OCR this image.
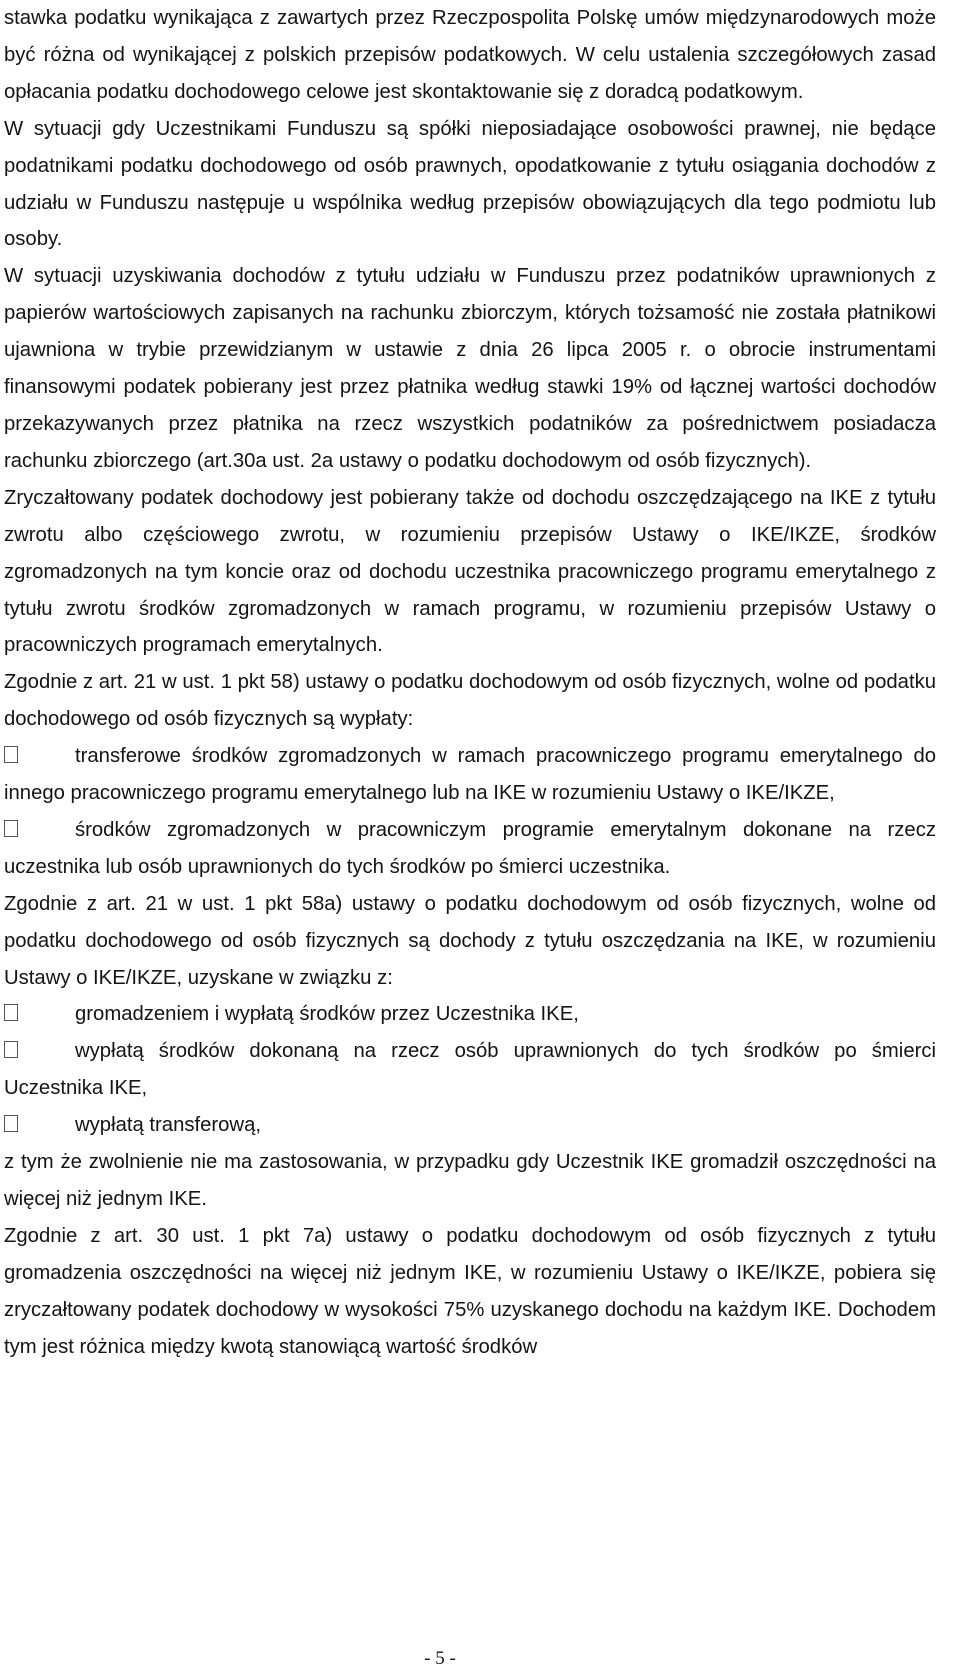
stawka podatku wynikająca z zawartych przez Rzeczpospolita Polskę umów międzynarodowych może być różna od wynikającej z polskich przepisów podatkowych. W celu ustalenia szczegółowych zasad opłacania podatku dochodowego celowe jest skontaktowanie się z doradcą podatkowym.

W sytuacji gdy Uczestnikami Funduszu są spółki nieposiadające osobowości prawnej, nie będące podatnikami podatku dochodowego od osób prawnych, opodatkowanie z tytułu osiągania dochodów z udziału w Funduszu następuje u wspólnika według przepisów obowiązujących dla tego podmiotu lub osoby.

W sytuacji uzyskiwania dochodów z tytułu udziału w Funduszu przez podatników uprawnionych z papierów wartościowych zapisanych na rachunku zbiorczym, których tożsamość nie została płatnikowi ujawniona w trybie przewidzianym w ustawie z dnia 26 lipca 2005 r. o obrocie instrumentami finansowymi podatek pobierany jest przez płatnika według stawki 19% od łącznej wartości dochodów przekazywanych przez płatnika na rzecz wszystkich podatników za pośrednictwem posiadacza rachunku zbiorczego (art.30a ust. 2a ustawy o podatku dochodowym od osób fizycznych).

Zryczałtowany podatek dochodowy jest pobierany także od dochodu oszczędzającego na IKE z tytułu zwrotu albo częściowego zwrotu, w rozumieniu przepisów Ustawy o IKE/IKZE, środków zgromadzonych na tym koncie oraz od dochodu uczestnika pracowniczego programu emerytalnego z tytułu zwrotu środków zgromadzonych w ramach programu, w rozumieniu przepisów Ustawy o pracowniczych programach emerytalnych.

Zgodnie z art. 21 w ust. 1 pkt 58) ustawy o podatku dochodowym od osób fizycznych, wolne od podatku dochodowego od osób fizycznych są wypłaty:

transferowe środków zgromadzonych w ramach pracowniczego programu emerytalnego do innego pracowniczego programu emerytalnego lub na IKE w rozumieniu Ustawy o IKE/IKZE,

środków zgromadzonych w pracowniczym programie emerytalnym dokonane na rzecz uczestnika lub osób uprawnionych do tych środków po śmierci uczestnika.

Zgodnie z art. 21 w ust. 1 pkt 58a) ustawy o podatku dochodowym od osób fizycznych, wolne od podatku dochodowego od osób fizycznych są dochody z tytułu oszczędzania na IKE, w rozumieniu Ustawy o IKE/IKZE, uzyskane w związku z:

gromadzeniem i wypłatą środków przez Uczestnika IKE,

wypłatą środków dokonaną na rzecz osób uprawnionych do tych środków po śmierci Uczestnika IKE,

wypłatą transferową,

z tym że zwolnienie nie ma zastosowania, w przypadku gdy Uczestnik IKE gromadził oszczędności na więcej niż jednym IKE.

Zgodnie z art. 30 ust. 1 pkt 7a) ustawy o podatku dochodowym od osób fizycznych z tytułu gromadzenia oszczędności na więcej niż jednym IKE, w rozumieniu Ustawy o IKE/IKZE, pobiera się zryczałtowany podatek dochodowy w wysokości 75% uzyskanego dochodu na każdym IKE. Dochodem tym jest różnica między kwotą stanowiącą wartość środków

- 5 -
